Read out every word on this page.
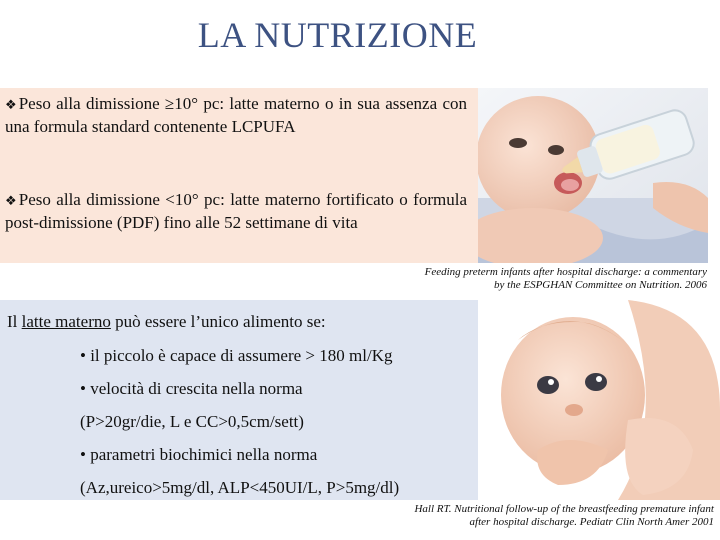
LA NUTRIZIONE
❖Peso alla dimissione ≥10° pc: latte materno o in sua assenza con una formula standard contenente LCPUFA
❖Peso alla dimissione <10° pc: latte materno fortificato o formula post-dimissione (PDF) fino alle 52 settimane di vita
Feeding preterm infants after hospital discharge: a commentary
by the ESPGHAN Committee on Nutrition. 2006
Il latte materno può essere l’unico alimento se:
• il piccolo è capace di assumere > 180 ml/Kg
• velocità di crescita nella norma
(P>20gr/die, L e CC>0,5cm/sett)
• parametri biochimici nella norma
(Az,ureico>5mg/dl, ALP<450UI/L, P>5mg/dl)
Hall RT. Nutritional follow-up of the breastfeeding premature infant
after hospital discharge. Pediatr Clin North Amer 2001
